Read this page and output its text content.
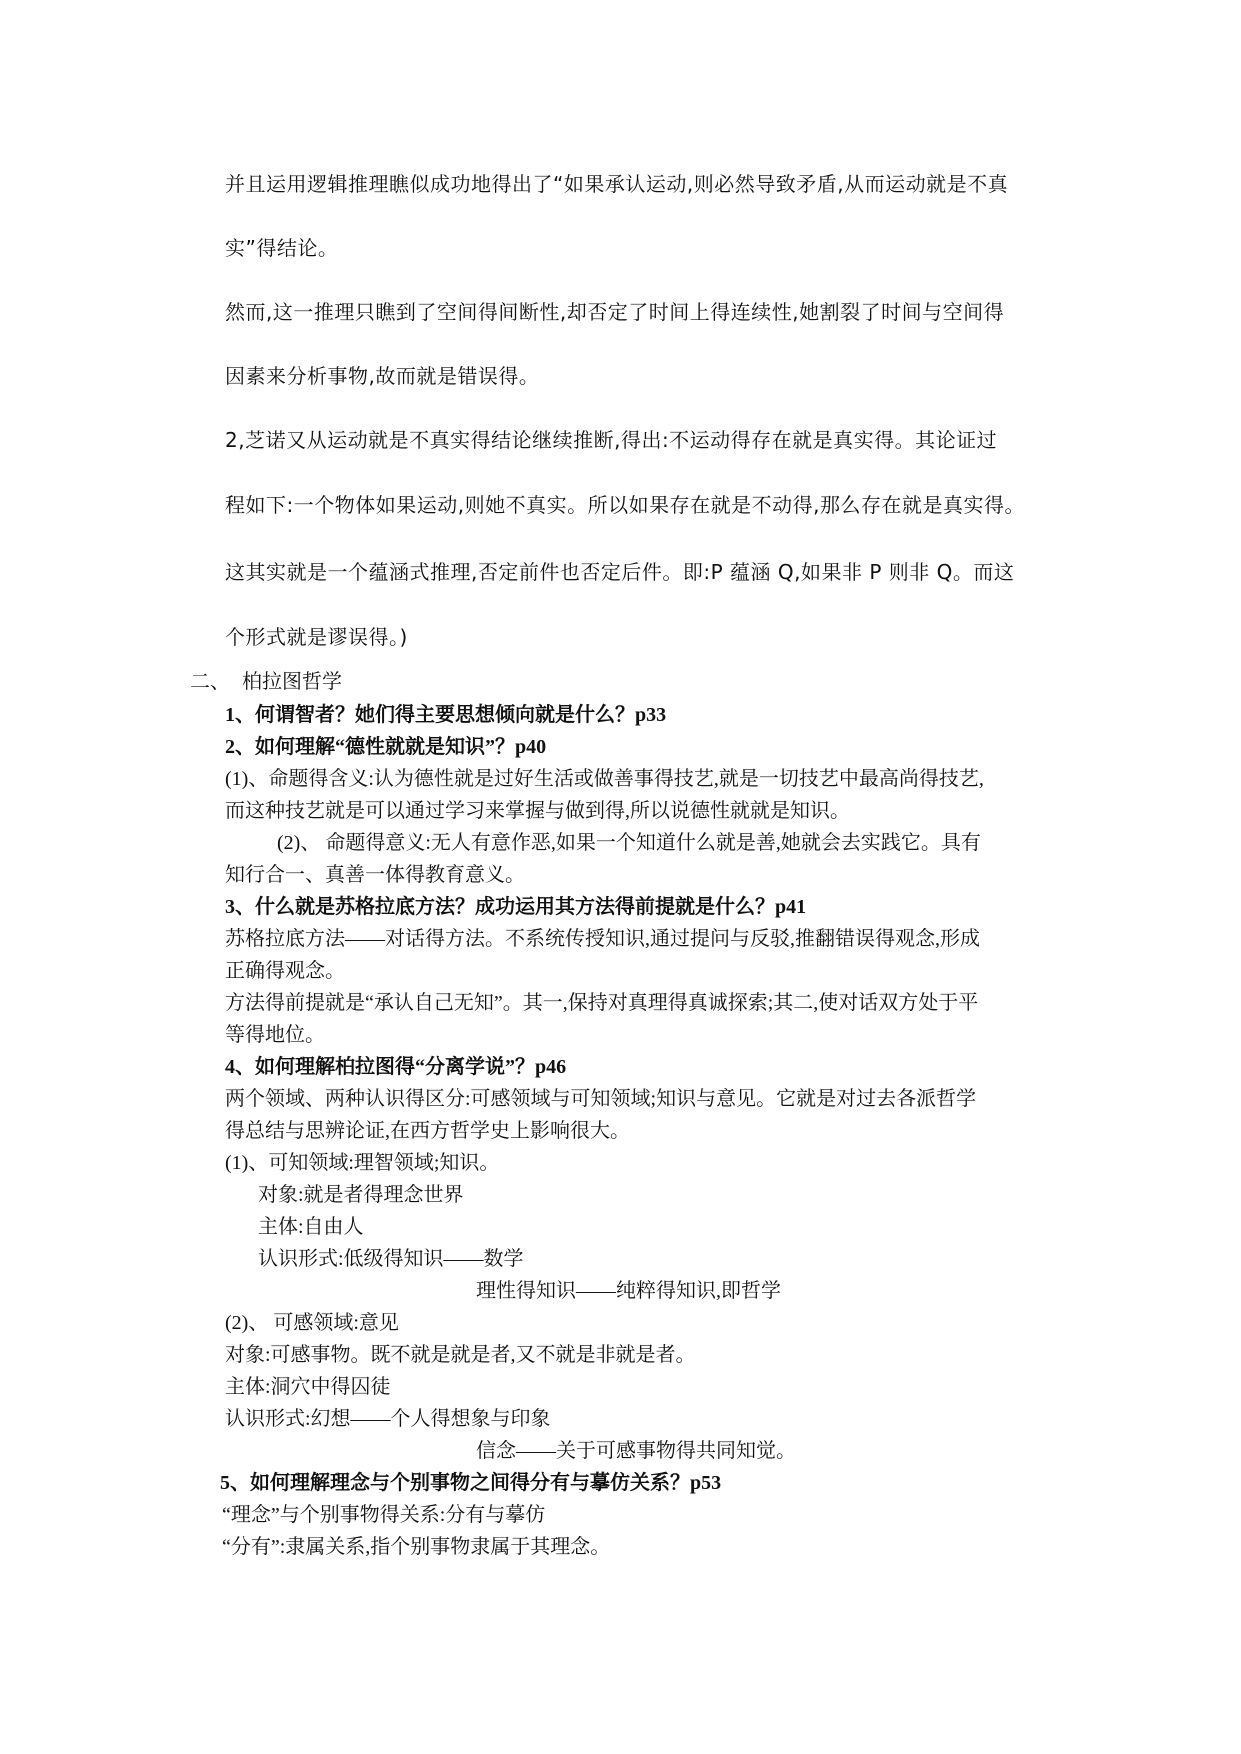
并且运用逻辑推理瞧似成功地得出了“如果承认运动,则必然导致矛盾,从而运动就是不真
实”得结论。
然而,这一推理只瞧到了空间得间断性,却否定了时间上得连续性,她割裂了时间与空间得
因素来分析事物,故而就是错误得。
2,芝诺又从运动就是不真实得结论继续推断,得出:不运动得存在就是真实得。其论证过
程如下:一个物体如果运动,则她不真实。所以如果存在就是不动得,那么存在就是真实得。
这其实就是一个蕴涵式推理,否定前件也否定后件。即:P 蕴涵 Q,如果非 P 则非 Q。而这
个形式就是谬误得。)
二、 柏拉图哲学
1、何谓智者？她们得主要思想倾向就是什么？p33
2、如何理解“德性就就是知识”？p40
(1)、命题得含义:认为德性就是过好生活或做善事得技艺,就是一切技艺中最高尚得技艺,
而这种技艺就是可以通过学习来掌握与做到得,所以说德性就就是知识。
(2)、 命题得意义:无人有意作恶,如果一个知道什么就是善,她就会去实践它。具有
知行合一、真善一体得教育意义。
3、什么就是苏格拉底方法？成功运用其方法得前提就是什么？p41
苏格拉底方法——对话得方法。不系统传授知识,通过提问与反驳,推翻错误得观念,形成
正确得观念。
方法得前提就是“承认自己无知”。其一,保持对真理得真诚探索;其二,使对话双方处于平
等得地位。
4、如何理解柏拉图得“分离学说”？p46
两个领域、两种认识得区分:可感领域与可知领域;知识与意见。它就是对过去各派哲学
得总结与思辨论证,在西方哲学史上影响很大。
(1)、可知领域:理智领域;知识。
对象:就是者得理念世界
主体:自由人
认识形式:低级得知识——数学
理性得知识——纯粹得知识,即哲学
(2)、 可感领域:意见
对象:可感事物。既不就是就是者,又不就是非就是者。
主体:洞穴中得囚徒
认识形式:幻想——个人得想象与印象
信念——关于可感事物得共同知觉。
5、如何理解理念与个别事物之间得分有与摹仿关系？p53
“理念”与个别事物得关系:分有与摹仿
“分有”:隶属关系,指个别事物隶属于其理念。
